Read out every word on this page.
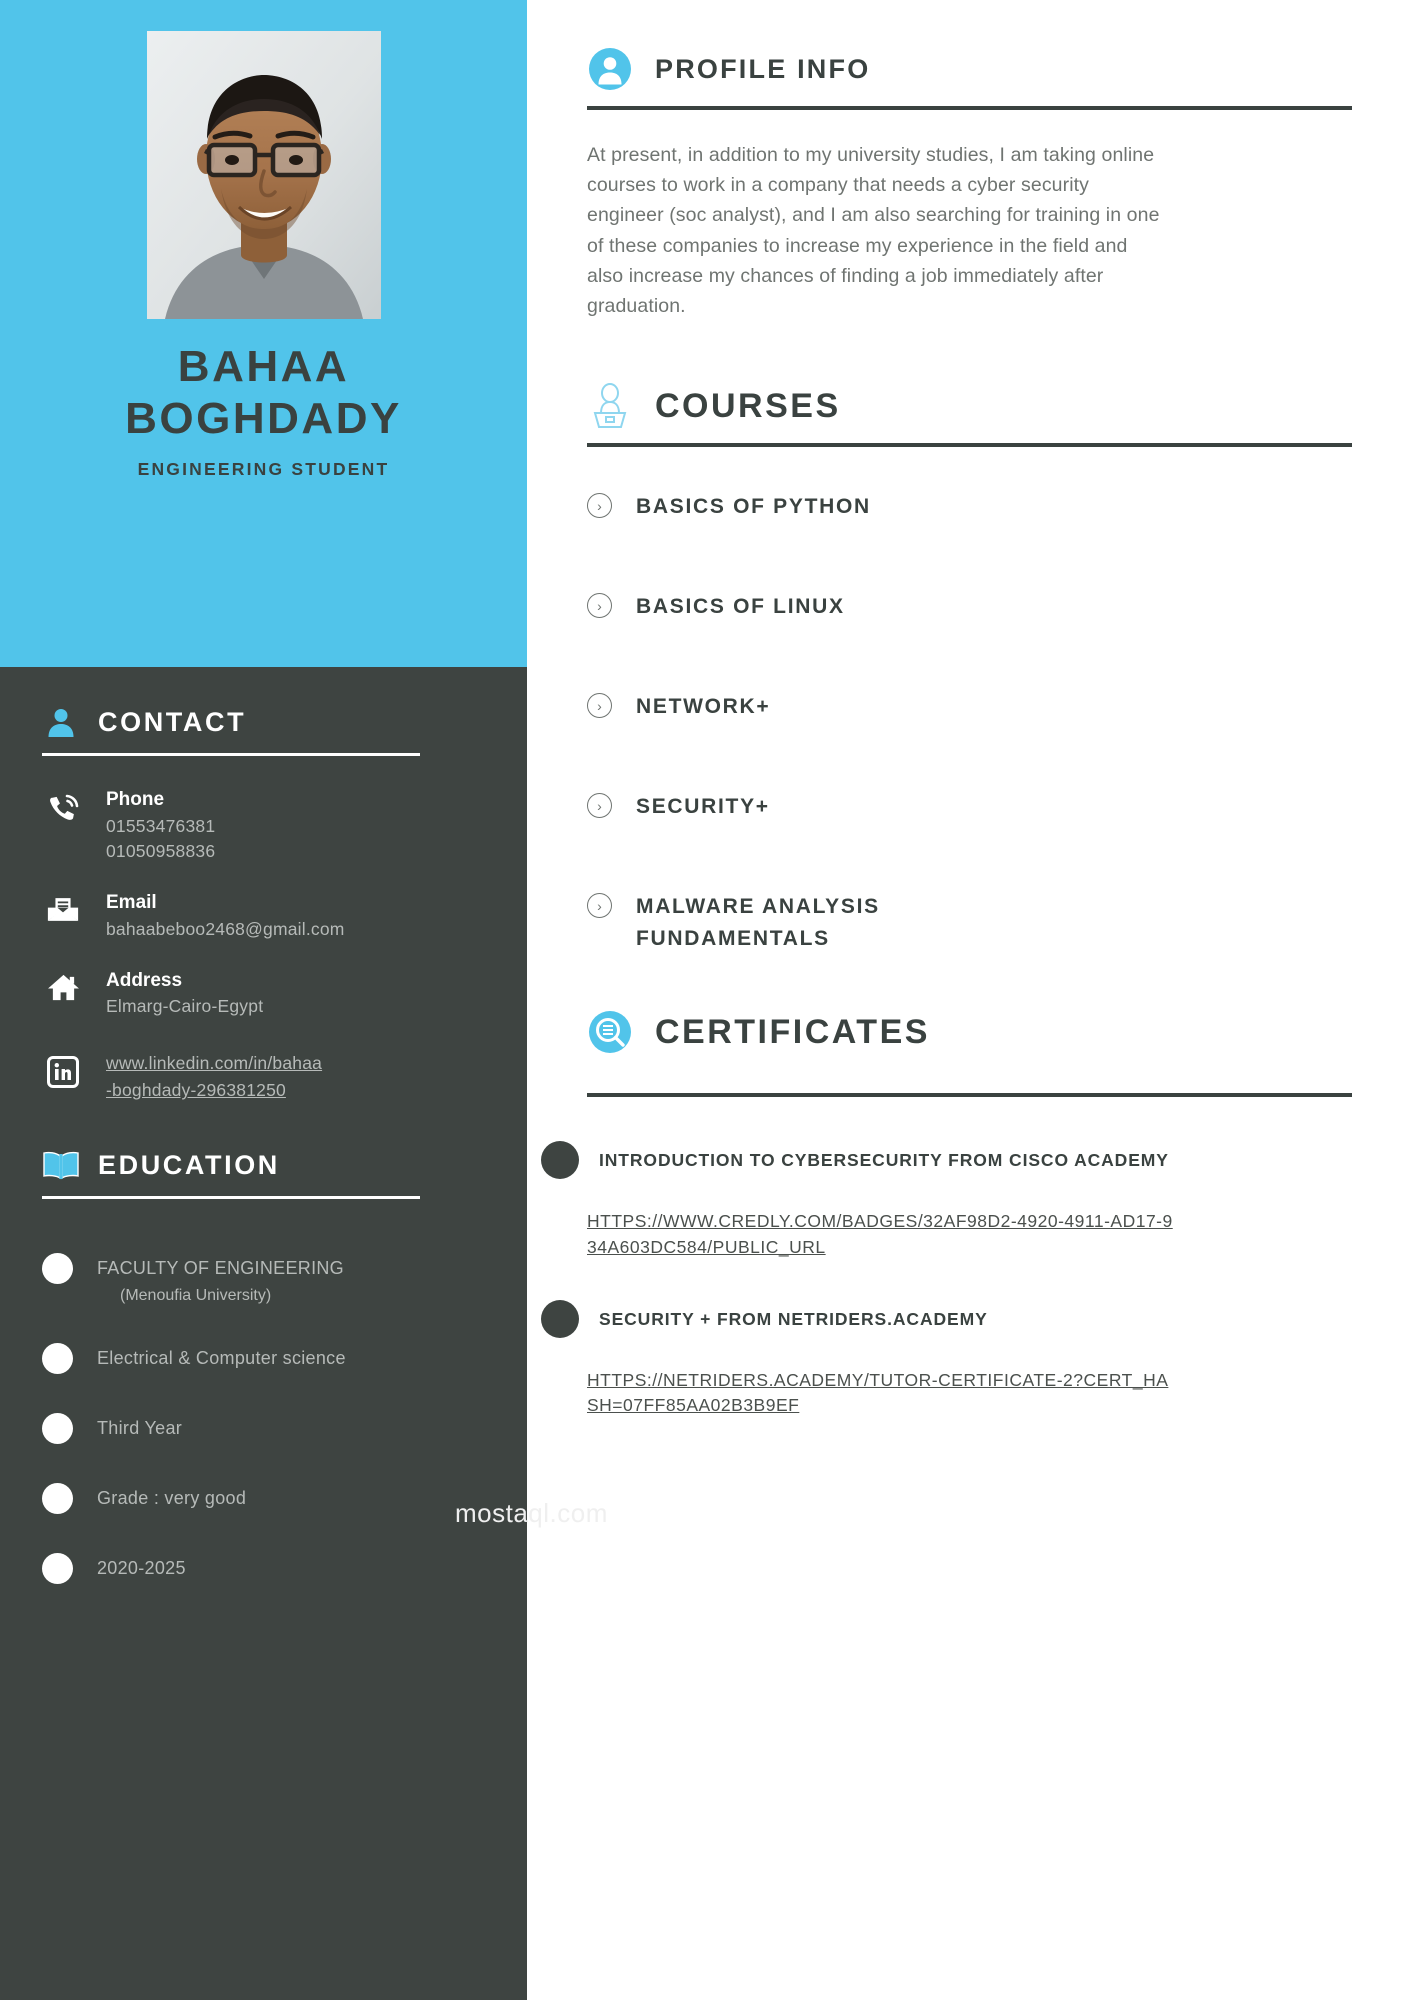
BAHAA
BOGHDADY
ENGINEERING STUDENT
CONTACT
Phone
01553476381
01050958836
Email
bahaabeboo2468@gmail.com
Address
Elmarg-Cairo-Egypt
www.linkedin.com/in/bahaa
-boghdady-296381250
EDUCATION
FACULTY OF ENGINEERING
(Menoufia University)
Electrical & Computer science
Third Year
Grade : very good
2020-2025
PROFILE INFO

At present, in addition to my university studies, I am taking online courses to work in a company that needs a cyber security engineer (soc analyst), and I am also searching for training in one of these companies to increase my experience in the field and also increase my chances of finding a job immediately after graduation.

COURSES
›	BASICS OF PYTHON
›	BASICS OF LINUX
›	NETWORK+
›	SECURITY+
›	MALWARE ANALYSIS FUNDAMENTALS
CERTIFICATES
INTRODUCTION TO CYBERSECURITY FROM CISCO ACADEMY
HTTPS://WWW.CREDLY.COM/BADGES/32AF98D2-4920-4911-AD17-934A603DC584/PUBLIC_URL
SECURITY + FROM NETRIDERS.ACADEMY
HTTPS://NETRIDERS.ACADEMY/TUTOR-CERTIFICATE-2?CERT_HASH=07FF85AA02B3B9EF
mostaql.com
